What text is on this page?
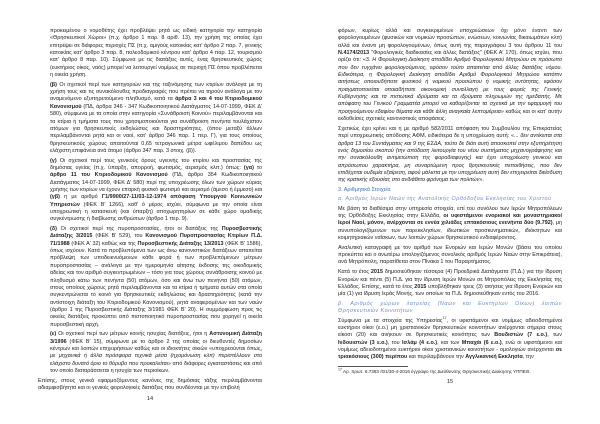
προκειμένου ο νομοθέτης έχει προβλέψει ρητά ως ειδική κατηγορία την κατηγορία «Θρησκευτικοί Χώροι» (π.χ. άρθρο 1 παρ. 8 αριθ. 13), την χρήση της οποίας έχει επιτρέψει σε διάφορες περιοχές ΠΣ (π.χ. αμιγούς κατοικίας κατ' άρθρο 2 παρ. 7, γενικής κατοικίας κατ' άρθρο 3 παρ. 8, πολεοδομικού κέντρου κατ' άρθρο 4 παρ. 12, τουρισμού κατ' άρθρο 8 παρ. 10). Σύμφωνα με τις διατάξεις αυτές, ένας θρησκευτικός χώρος (ευκτήριος οίκος, ναός) μπορεί να λειτουργεί νομίμως σε περιοχή ΠΣ όπου προβλέπεται η οικεία χρήση.

(β) Οι σχετικοί περί των κατηγοριών και της ταξινόμησης των κτιρίων ανάλογα με τη χρήση τους και τις συνακόλουθες προδιαγραφές που πρέπει να τηρούν ανάλογα με τον αναμενόμενο εξυπηρετούμενο πληθυσμό, κατά τα άρθρα 3 και 4 του Κτιριοδομικού Κανονισμού (ΠΔ, άρθρα 346 - 347 Κωδικοποιητικού Διατάγματος 14-07-1999, ΦΕΚ Δ' 580), σύμφωνα με τα οποία στην κατηγορία «Συνάθροιση Κοινού» περιλαμβάνονται και τα κτίρια ή τμήματα τους που χρησιμοποιούνται για συνάθροιση πενήντα τουλάχιστον ατόμων για θρησκευτικές εκδηλώσεις και δραστηριότητες, (όπου μεταξύ άλλων περιλαμβάνονται ρητά και οι ναοί, κατ' άρθρο 346 παρ. 1 περ. Γ), για τους οποίους θρησκευτικούς χώρους απαιτούνται 0,65 τετραγωνικά μέτρα ωφέλιμου δαπέδου ως ελάχιστη επιφάνεια ανά άτομο (άρθρο 347 παρ. 3 στοιχ. (β)).

(γ) Οι σχετικοί περί τους γενικούς όρους υγιεινής του κτιρίου και προστασίας της δημόσιας υγείας (π.χ. ύπαρξη, απορροή, φωτισμός, αερισμός κλπ.) όπως: (γα) το άρθρο 11 του Κτιριοδομικού Κανονισμού (ΠΔ, άρθρο 354 Κωδικοποιητικού Διατάγματος 14-07-1999, ΦΕΚ Δ' 580) περί της υποχρέωσης όλων των χώρων κύριας χρήσης των κτιρίων να έχουν επαρκή φυσικό φωτισμό και αερισμό (άμεσο ή έμμεσο) και (γβ) η με αριθμό Γ1/9900/27-11/03-12-1974 απόφαση Υπουργού Κοινωνικών Υπηρεσιών (ΦΕΚ Β' 1266), καθ' ό μέρος ισχύει, σύμφωνα με την οποία είναι υποχρεωτική η κατασκευή (και ύπαρξη) αποχωρητηρίων σε κάθε χώρο ομαδικής συγκέντρωσης ή διαβίωσης ανθρώπων (άρθρο 1 περ. 9).

(δ) Οι σχετικοί περί της πυροπροστασίας, ήτοι οι διατάξεις της Πυροσβεστικής Διάταξης 3/2015 (ΦΕΚ Β' 529), του Κανονισμού Πυροπροστασίας Κτιρίων Π.Δ. 71/1988 (ΦΕΚ Α' 32) καθώς και της Πυροσβεστικής Διάταξης 13/2013 (ΦΕΚ Β' 1586), όπως ισχύουν. Κατά τα προβλεπόμενα των ως άνω κανονιστικών διατάξεων απαιτείται πρόβλεψη των υποδεικνυόμενων κάθε φορά ή των προβλεπόμενων μέτρων πυροπροστασίας – ανάλογα με την ημερομηνία αίτησης έκδοσης της οικοδομικής αδείας και τον αριθμό συγκεντρωμένων – τόσο για τους χώρους συνάθροισης κοινού με πληθυσμό κάτω των πενήντα (50) ατόμων, όσο και άνω των πενήντα (50) ατόμων, στους οποίους χώρους ρητά περιλαμβάνονται και τα κτίρια ή τμήματα αυτών στα οποία συγκεντρώνεται το κοινό για θρησκευτικές εκδηλώσεις και δραστηριότητες (κατά την αντίστοιχη διάταξη του Κτιριοδομικού Κανονισμού), ρητά αναφερομένων και των ναών (άρθρο 1 της Πυροσβεστικής Διάταξης 3/1981 ΦΕΚ Β' 20). Η συμμόρφωση προς τις οικείες διατάξεις προκύπτει από πιστοποιητικό πυροπροστασίας που χορηγεί η οικεία πυροσβεστική αρχή.

(ε) Οι σχετικοί περί των μέτρων κοινής ησυχίας διατάξεις, ήτοι η Αστυνομική Διάταξη 3/1996 (ΦΕΚ Β' 15), σύμφωνα με το άρθρο 2 της οποίας οι διευθυντές δημοσίων κέντρων και λοιπών επιχειρήσεων καθώς και οι ιδιοκτήτες οικιών «υποχρεούνται όπως, με μηχανικά ή άλλα πρόσφορα τεχνικά μέσα (ηχομόνωση κλπ) περιστέλλουν στο ελάχιστο δυνατό όριο το θόρυβο που προκαλείται» από διάφορες εγκαταστάσεις και από τον οποίο διαταράσσεται η ησυχία των περιοίκων.

Επίσης, στους γενικά εφαρμοζόμενους κανόνες της δημόσιας τάξης περιλαμβάνονται αδιαμφισβήτητα και οι γενικές φορολογικές διατάξεις που συνδέονται με την επιβολή

14

φόρων, κυρίως αλλά και συγκεκριμένων υποχρεώσεων όχι μόνο έναντι των φορολογουμένων (φυσικών και νομικών προσώπων, ενώσεων, κοινωνίας δικαιωμάτων κλπ) αλλά και έναντι μη φορολογουμένων, όπως αυτή της παραγράφου 3 του άρθρου 11 του Ν.4174/2013 "Φορολογικές διαδικασίες και άλλες διατάξεις" (ΦΕΚ Α' 170), όπως ισχύει, που ορίζει ότι: «3. Η Φορολογική Διοίκηση αποδίδει Αριθμό Φορολογικού Μητρώου σε πρόσωπο που δεν τυγχάνει φορολογούμενος, εφόσον τούτο απαιτείται από άλλες διατάξεις νόμου. Ειδικότερα, η Φορολογική Διοίκηση αποδίδει Αριθμό Φορολογικού Μητρώου κατόπιν αιτήσεως οποιουδήποτε φυσικού ή νομικού προσώπου ή νομικής οντότητας, εφόσον πραγματοποιείται οποιαδήποτε οικονομική συναλλαγή με τους φορείς της Γενικής Κυβέρνησης και τα πιστωτικά ιδρύματα και τα ιδρύματα πληρωμών της ημεδαπής. Με απόφαση του Γενικού Γραμματέα μπορεί να καθορίζονται τα σχετικά με την εφαρμογή του προηγούμενου εδαφίου θέματα και κάθε άλλη αναγκαία λεπτομέρεια» καθώς και οι κατ' αυτήν εκδοθείσες σχετικές κανονιστικές αποφάσεις.

Σχετικώς έχει κρίνει και η με αριθμό 582/2011 απόφαση του Συμβουλίου της Επικρατείας περί υποχρεωτικής απόδοσης ΑΦΜ, ειδικότερα δε η υποχρέωση αυτή: «... δεν αντίκειται στα άρθρα 13 του Συντάγματος και 9 της ΕΣΔΑ, τούτο δε διότι αυτή αποσκοπεί στην εξυπηρέτηση ενός δημοσίου σκοπού (την απόδοση λειτουργία του νέου συστήματος μηχανογράφησης και την συνακόλουθη αντιμετώπιση της φοροδιαφυγής) και έχει υποχρέωση γενικού και απρόσωπου χαρακτήρα, μη συναρτώμενη προς θρησκευτικές πεποιθήσεις, που δεν επιδέχεται ουδεμία εξαίρεση, αφού μάλιστα με την υποχρέωση αυτή δεν επιχειρείται διείσδυση της κρατικής εξουσίας στο ανδιάθετο φρόνημα των πολιτών».

3. Αριθμητικά Στοιχεία

α. Αριθμός Ιερών Ναών της Ανατολικής Ορθόδοξου Εκκλησίας του Χριστού

Με βάση τα διαθέσιμα στην υπηρεσία στοιχεία, επί του συνόλου των Ιερών Μητροπόλεων της Ορθόδοξης Εκκλησίας στην Ελλάδα, οι υφιστάμενοι ενοριακοί και μοναστηριακοί Ιεροί Ναοί, μόνον, ανέρχονται σε εννέα χιλιάδες επτακόσιους ενενήντα δύο (9.792), μη συνυπολογιζόμενων των παρεκκλησίων, ιδιωτικών προσκυνηματικών, ιδιόκτητων και κοιμητηριακών ναΐσκων, των λοιπών χώρων θρησκευτικού ενδιαφέροντος.

Αναλυτική καταγραφή με τον αριθμό των Ενοριών και Ιερών Μονών (βάσει του οποίου προκύπτει και ο ανωτέρω υπολογιζόμενος συνολικός αριθμός Ιερών Ναών στην Επικράτεια), ανά Μητρόπολη, παρατίθεται στον Πίνακα 1 του Παραρτήματος.

Κατά το έτος 2015 δημοσιεύθηκαν τέσσερα (4) Προεδρικά Διατάγματα (Π.Δ.) για την ίδρυση Ενοριών και πέντε (5) Π.Δ. για την ίδρυση Ιερών Μονών σε Μητροπόλεις της Εκκλησίας της Ελλάδος. Επίσης, κατά το έτος 2015 υποβλήθηκαν τρεις (3) αιτήσεις για ίδρυση Ενοριών και μία (1) για ίδρυση Ιεράς Μονής, των οποίων τα Π.Δ. δημοσιεύθηκαν εντός του 2016.

β. Αριθμός χώρων λατρείας (Ναών και Ευκτηρίων Οίκων) λοιπών Θρησκευτικών Κοινοτήτων

Σύμφωνα με τα στοιχεία της Υπηρεσίας$^{17}$, οι υφιστάμενοι και νομίμως αδειοδοτημένοι ευκτήριοι οίκοι (ε.ο.) μη χριστιανικών θρησκευτικών κοινοτήτων ανέρχονται σήμερα στους είκοσι (20) και ανήκουν σε θρησκευτικές κοινότητες των Βουδιστών (7 ε.ο.), των Ινδουιστών (3 ε.ο.), του Ισλάμ (4 ε.ο.), και των Μπαχάι (6 ε.ο.), ενώ οι υφιστάμενοι και νομίμως αδειοδοτημένοι ευκτήριοι οίκοι χριστιανικών κοινοτήτων - ομολογιών ανέρχονται σε τριακόσιους (300) περίπου και περιλαμβάνουν την Αγγλικανική Εκκλησία, την

$^{17}$ Αρ. πρωτ. 6.7383 /Θ1/30-4-2016 έγγραφο της Διεύθυνσης Θρησκευτικής Διοίκησης ΥΠΠΕΘ.
15
